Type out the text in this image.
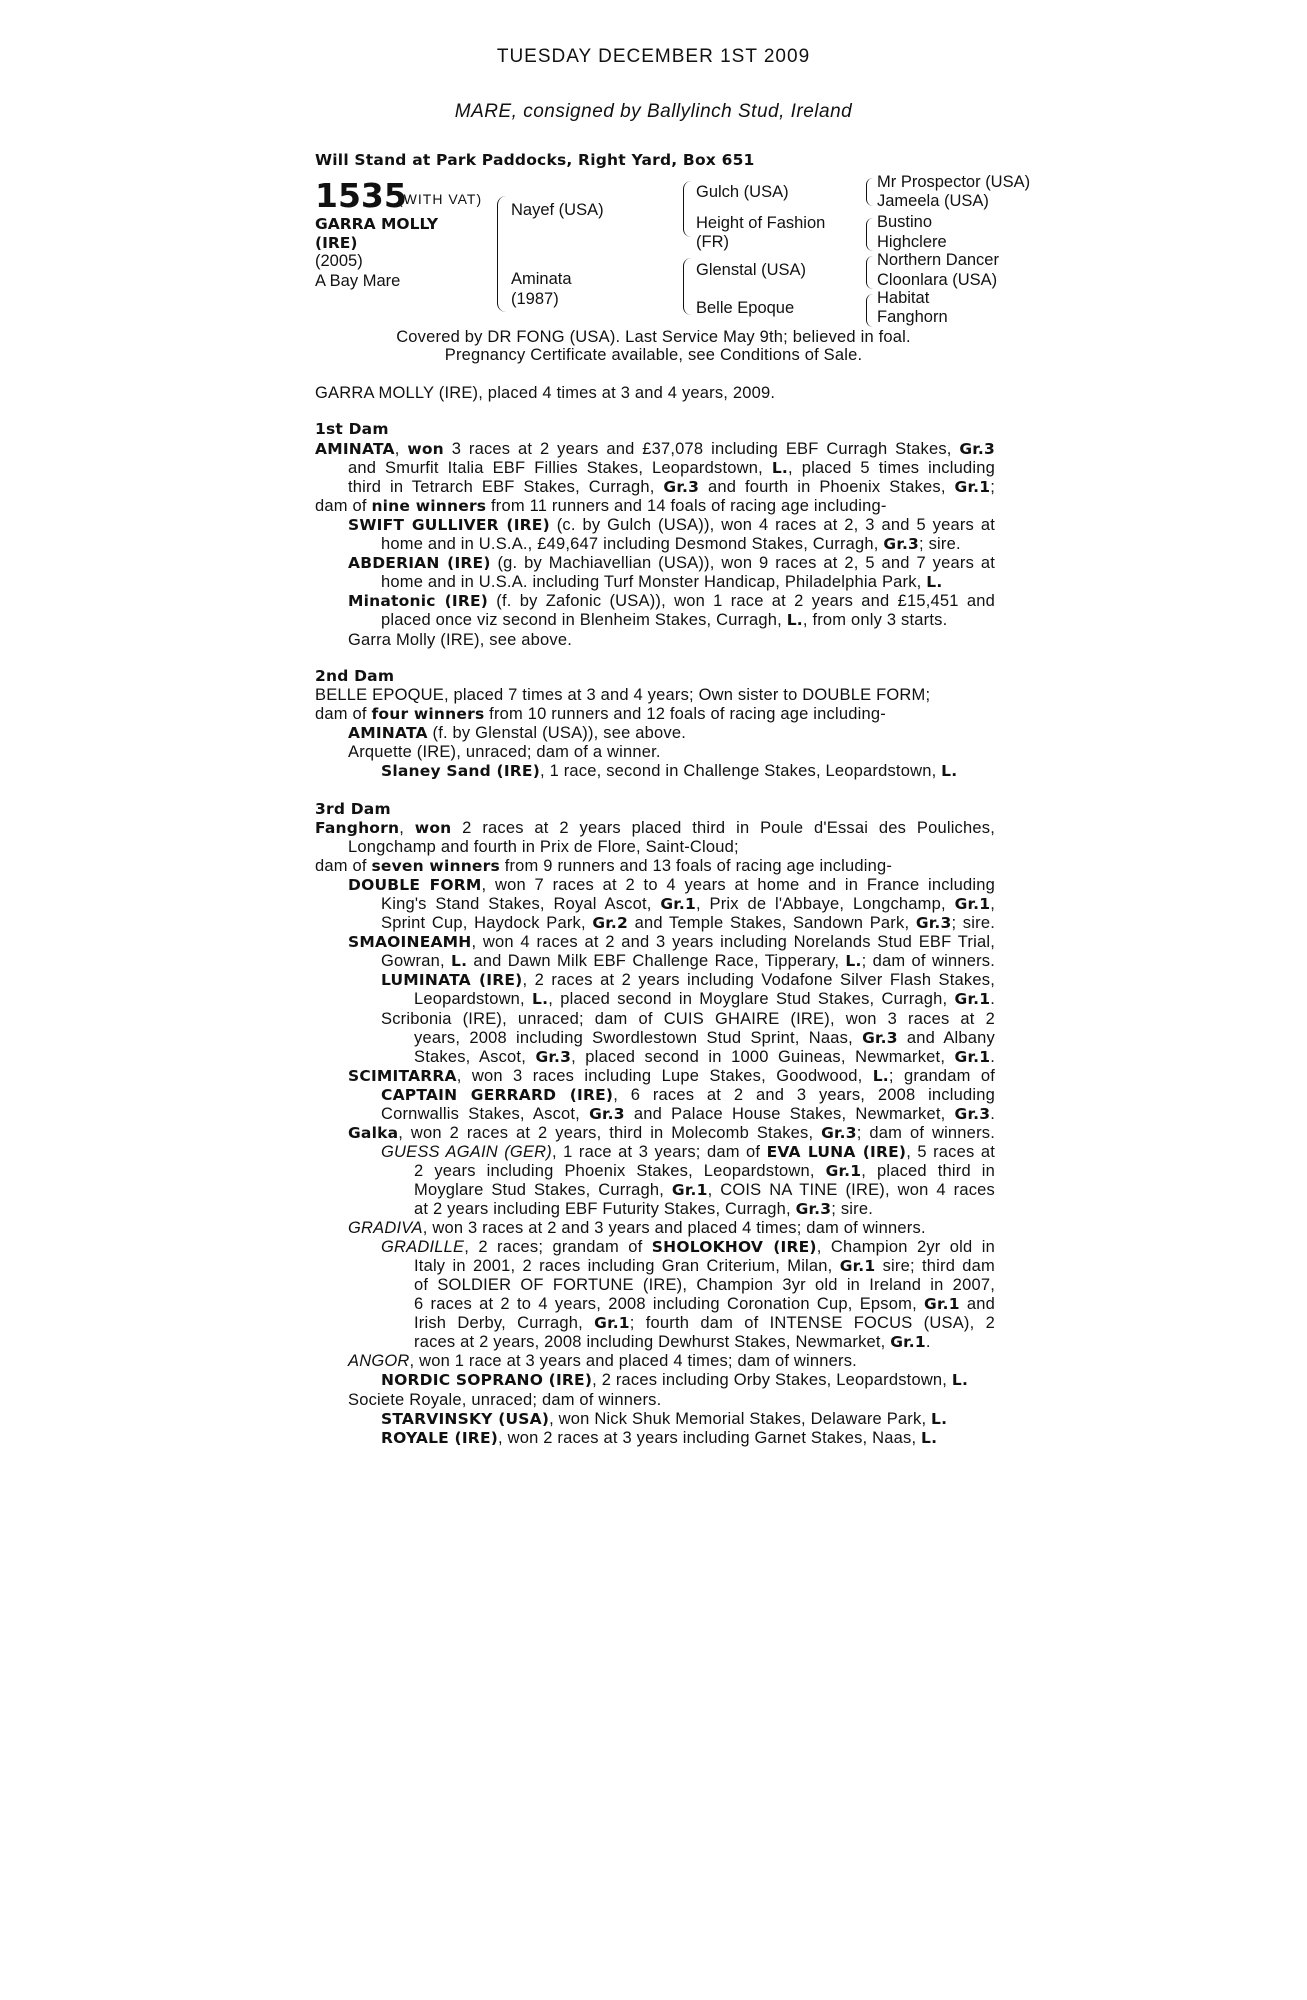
TUESDAY DECEMBER 1ST 2009
MARE, consigned by Ballylinch Stud, Ireland
Will Stand at Park Paddocks, Right Yard, Box 651
1535
(WITH VAT)
GARRA MOLLY
(IRE)
(2005)
A Bay Mare
Nayef (USA)
Aminata
(1987)
Gulch (USA)
Height of Fashion
(FR)
Glenstal (USA)
Belle Epoque
Mr Prospector (USA)
Jameela (USA)
Bustino
Highclere
Northern Dancer
Cloonlara (USA)
Habitat
Fanghorn
Covered by DR FONG (USA). Last Service May 9th; believed in foal.
Pregnancy Certificate available, see Conditions of Sale.
GARRA MOLLY (IRE), placed 4 times at 3 and 4 years, 2009.
1st Dam
AMINATA, won 3 races at 2 years and £37,078 including EBF Curragh Stakes, Gr.3
and Smurfit Italia EBF Fillies Stakes, Leopardstown, L., placed 5 times including
third in Tetrarch EBF Stakes, Curragh, Gr.3 and fourth in Phoenix Stakes, Gr.1;
dam of nine winners from 11 runners and 14 foals of racing age including-
SWIFT GULLIVER (IRE) (c. by Gulch (USA)), won 4 races at 2, 3 and 5 years at
home and in U.S.A., £49,647 including Desmond Stakes, Curragh, Gr.3; sire.
ABDERIAN (IRE) (g. by Machiavellian (USA)), won 9 races at 2, 5 and 7 years at
home and in U.S.A. including Turf Monster Handicap, Philadelphia Park, L.
Minatonic (IRE) (f. by Zafonic (USA)), won 1 race at 2 years and £15,451 and
placed once viz second in Blenheim Stakes, Curragh, L., from only 3 starts.
Garra Molly (IRE), see above.
2nd Dam
BELLE EPOQUE, placed 7 times at 3 and 4 years; Own sister to DOUBLE FORM;
dam of four winners from 10 runners and 12 foals of racing age including-
AMINATA (f. by Glenstal (USA)), see above.
Arquette (IRE), unraced; dam of a winner.
Slaney Sand (IRE), 1 race, second in Challenge Stakes, Leopardstown, L.
3rd Dam
Fanghorn, won 2 races at 2 years placed third in Poule d'Essai des Pouliches,
Longchamp and fourth in Prix de Flore, Saint-Cloud;
dam of seven winners from 9 runners and 13 foals of racing age including-
DOUBLE FORM, won 7 races at 2 to 4 years at home and in France including
King's Stand Stakes, Royal Ascot, Gr.1, Prix de l'Abbaye, Longchamp, Gr.1,
Sprint Cup, Haydock Park, Gr.2 and Temple Stakes, Sandown Park, Gr.3; sire.
SMAOINEAMH, won 4 races at 2 and 3 years including Norelands Stud EBF Trial,
Gowran, L. and Dawn Milk EBF Challenge Race, Tipperary, L.; dam of winners.
LUMINATA (IRE), 2 races at 2 years including Vodafone Silver Flash Stakes,
Leopardstown, L., placed second in Moyglare Stud Stakes, Curragh, Gr.1.
Scribonia (IRE), unraced; dam of CUIS GHAIRE (IRE), won 3 races at 2
years, 2008 including Swordlestown Stud Sprint, Naas, Gr.3 and Albany
Stakes, Ascot, Gr.3, placed second in 1000 Guineas, Newmarket, Gr.1.
SCIMITARRA, won 3 races including Lupe Stakes, Goodwood, L.; grandam of
CAPTAIN GERRARD (IRE), 6 races at 2 and 3 years, 2008 including
Cornwallis Stakes, Ascot, Gr.3 and Palace House Stakes, Newmarket, Gr.3.
Galka, won 2 races at 2 years, third in Molecomb Stakes, Gr.3; dam of winners.
GUESS AGAIN (GER), 1 race at 3 years; dam of EVA LUNA (IRE), 5 races at
2 years including Phoenix Stakes, Leopardstown, Gr.1, placed third in
Moyglare Stud Stakes, Curragh, Gr.1, COIS NA TINE (IRE), won 4 races
at 2 years including EBF Futurity Stakes, Curragh, Gr.3; sire.
GRADIVA, won 3 races at 2 and 3 years and placed 4 times; dam of winners.
GRADILLE, 2 races; grandam of SHOLOKHOV (IRE), Champion 2yr old in
Italy in 2001, 2 races including Gran Criterium, Milan, Gr.1 sire; third dam
of SOLDIER OF FORTUNE (IRE), Champion 3yr old in Ireland in 2007,
6 races at 2 to 4 years, 2008 including Coronation Cup, Epsom, Gr.1 and
Irish Derby, Curragh, Gr.1; fourth dam of INTENSE FOCUS (USA), 2
races at 2 years, 2008 including Dewhurst Stakes, Newmarket, Gr.1.
ANGOR, won 1 race at 3 years and placed 4 times; dam of winners.
NORDIC SOPRANO (IRE), 2 races including Orby Stakes, Leopardstown, L.
Societe Royale, unraced; dam of winners.
STARVINSKY (USA), won Nick Shuk Memorial Stakes, Delaware Park, L.
ROYALE (IRE), won 2 races at 3 years including Garnet Stakes, Naas, L.
